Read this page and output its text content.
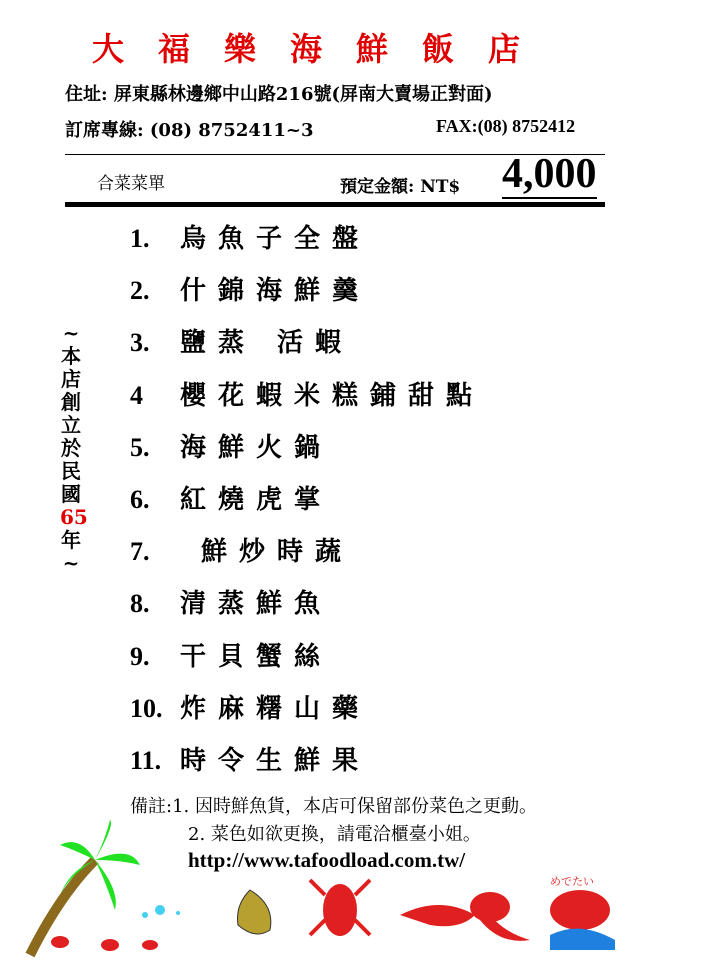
大福樂海鮮飯店
住址: 屏東縣林邊鄉中山路216號(屏南大賣場正對面)
訂席專線: (08) 8752411~3	FAX:(08) 8752412
合菜菜單	預定金額: NT$ 4,000
1. 烏魚子全盤
2. 什錦海鮮羹
3. 鹽蒸 活蝦
4 櫻花蝦米糕鋪甜點
5. 海鮮火鍋
6. 紅燒虎掌
7. 鮮炒時蔬
8. 清蒸鮮魚
9. 干貝蟹絲
10. 炸麻糬山藥
11. 時令生鮮果
~本店創立於民國65年~
備註:1. 因時鮮魚貨，本店可保留部份菜色之更動。
2. 菜色如欲更換，請電洽櫃臺小姐。
http://www.tafoodload.com.tw/
めでたい
